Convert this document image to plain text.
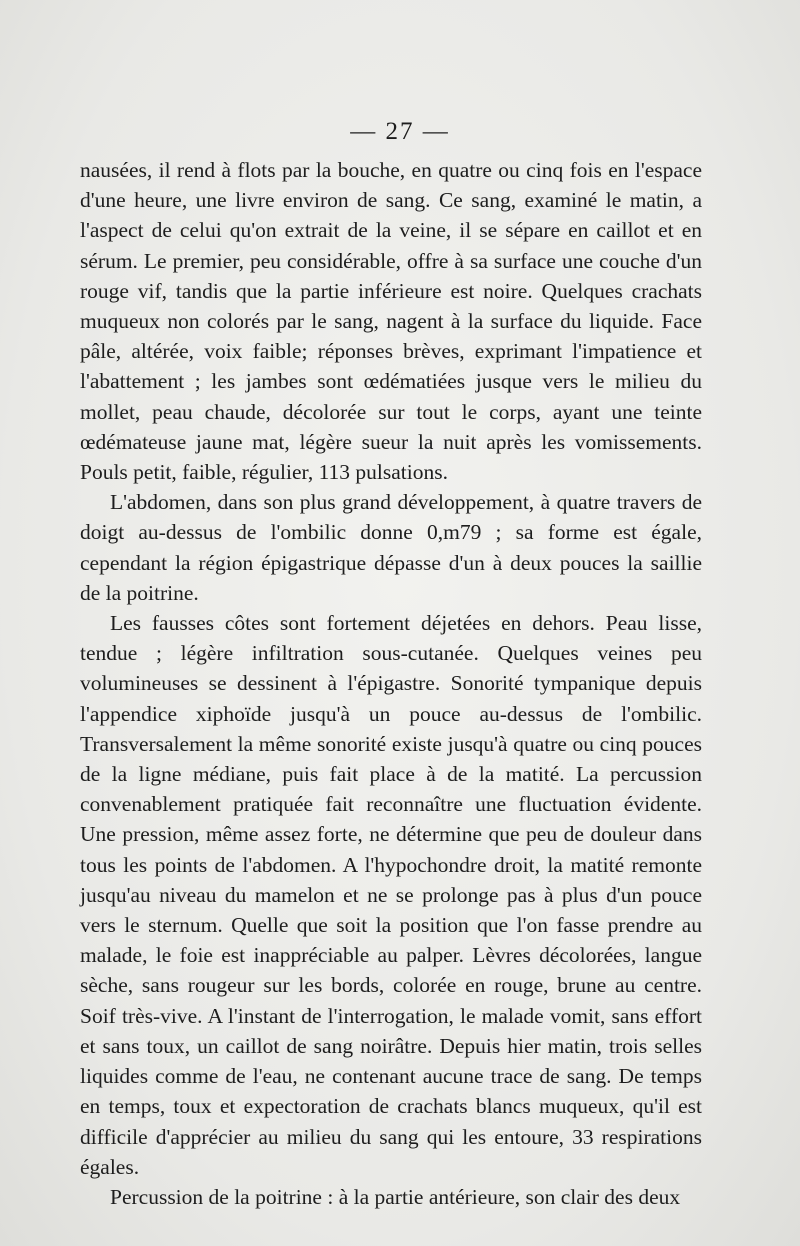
— 27 —

nausées, il rend à flots par la bouche, en quatre ou cinq fois en l'espace d'une heure, une livre environ de sang. Ce sang, examiné le matin, a l'aspect de celui qu'on extrait de la veine, il se sépare en caillot et en sérum. Le premier, peu considérable, offre à sa surface une couche d'un rouge vif, tandis que la partie inférieure est noire. Quelques crachats muqueux non colorés par le sang, nagent à la surface du liquide. Face pâle, altérée, voix faible; réponses brèves, exprimant l'impatience et l'abattement ; les jambes sont œdématiées jusque vers le milieu du mollet, peau chaude, décolorée sur tout le corps, ayant une teinte œdémateuse jaune mat, légère sueur la nuit après les vomissements. Pouls petit, faible, régulier, 113 pulsations.

L'abdomen, dans son plus grand développement, à quatre travers de doigt au-dessus de l'ombilic donne 0,m79 ; sa forme est égale, cependant la région épigastrique dépasse d'un à deux pouces la saillie de la poitrine.

Les fausses côtes sont fortement déjetées en dehors. Peau lisse, tendue ; légère infiltration sous-cutanée. Quelques veines peu volumineuses se dessinent à l'épigastre. Sonorité tympanique depuis l'appendice xiphoïde jusqu'à un pouce au-dessus de l'ombilic. Transversalement la même sonorité existe jusqu'à quatre ou cinq pouces de la ligne médiane, puis fait place à de la matité. La percussion convenablement pratiquée fait reconnaître une fluctuation évidente. Une pression, même assez forte, ne détermine que peu de douleur dans tous les points de l'abdomen. A l'hypochondre droit, la matité remonte jusqu'au niveau du mamelon et ne se prolonge pas à plus d'un pouce vers le sternum. Quelle que soit la position que l'on fasse prendre au malade, le foie est inappréciable au palper. Lèvres décolorées, langue sèche, sans rougeur sur les bords, colorée en rouge, brune au centre. Soif très-vive. A l'instant de l'interrogation, le malade vomit, sans effort et sans toux, un caillot de sang noirâtre. Depuis hier matin, trois selles liquides comme de l'eau, ne contenant aucune trace de sang. De temps en temps, toux et expectoration de crachats blancs muqueux, qu'il est difficile d'apprécier au milieu du sang qui les entoure, 33 respirations égales.

Percussion de la poitrine : à la partie antérieure, son clair des deux
